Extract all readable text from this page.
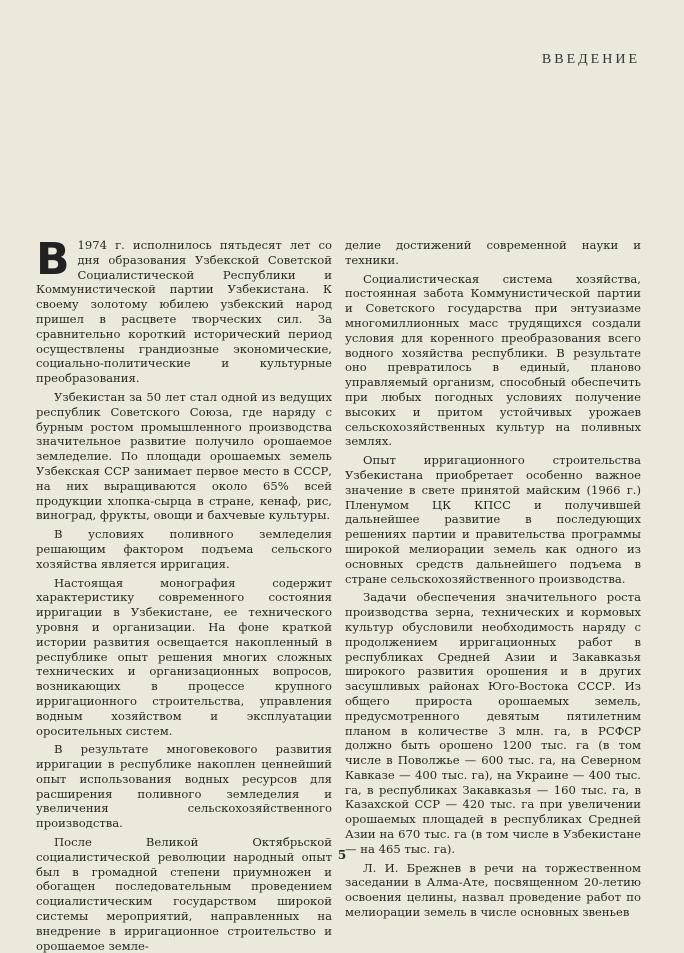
ВВЕДЕНИЕ

В 1974 г. исполнилось пятьдесят лет со дня образования Узбекской Советской Социалистической Республики и Коммунистической партии Узбекистана. К своему золотому юбилею узбекский народ пришел в расцвете творческих сил. За сравнительно короткий исторический период осуществлены грандиозные экономические, социально-политические и культурные преобразования.

Узбекистан за 50 лет стал одной из ведущих республик Советского Союза, где наряду с бурным ростом промышленного производства значительное развитие получило орошаемое земледелие. По площади орошаемых земель Узбекская ССР занимает первое место в СССР, на них выращиваются около 65% всей продукции хлопка-сырца в стране, кенаф, рис, виноград, фрукты, овощи и бахчевые культуры.

В условиях поливного земледелия решающим фактором подъема сельского хозяйства является ирригация.

Настоящая монография содержит характеристику современного состояния ирригации в Узбекистане, ее технического уровня и организации. На фоне краткой истории развития освещается накопленный в республике опыт решения многих сложных технических и организационных вопросов, возникающих в процессе крупного ирригационного строительства, управления водным хозяйством и эксплуатации оросительных систем.

В результате многовекового развития ирригации в республике накоплен ценнейший опыт использования водных ресурсов для расширения поливного земледелия и увеличения сельскохозяйственного производства.

После Великой Октябрьской социалистической революции народный опыт был в громадной степени приумножен и обогащен последовательным проведением социалистическим государством широкой системы мероприятий, направленных на внедрение в ирригационное строительство и орошаемое земле-

делие достижений современной науки и техники.

Социалистическая система хозяйства, постоянная забота Коммунистической партии и Советского государства при энтузиазме многомиллионных масс трудящихся создали условия для коренного преобразования всего водного хозяйства республики. В результате оно превратилось в единый, планово управляемый организм, способный обеспечить при любых погодных условиях получение высоких и притом устойчивых урожаев сельскохозяйственных культур на поливных землях.

Опыт ирригационного строительства Узбекистана приобретает особенно важное значение в свете принятой майским (1966 г.) Пленумом ЦК КПСС и получившей дальнейшее развитие в последующих решениях партии и правительства программы широкой мелиорации земель как одного из основных средств дальнейшего подъема в стране сельскохозяйственного производства.

Задачи обеспечения значительного роста производства зерна, технических и кормовых культур обусловили необходимость наряду с продолжением ирригационных работ в республиках Средней Азии и Закавказья широкого развития орошения и в других засушливых районах Юго-Востока СССР. Из общего прироста орошаемых земель, предусмотренного девятым пятилетним планом в количестве 3 млн. га, в РСФСР должно быть орошено 1200 тыс. га (в том числе в Поволжье — 600 тыс. га, на Северном Кавказе — 400 тыс. га), на Украине — 400 тыс. га, в республиках Закавказья — 160 тыс. га, в Казахской ССР — 420 тыс. га при увеличении орошаемых площадей в республиках Средней Азии на 670 тыс. га (в том числе в Узбекистане — на 465 тыс. га).

Л. И. Брежнев в речи на торжественном заседании в Алма-Ате, посвященном 20-летию освоения целины, назвал проведение работ по мелиорации земель в числе основных звеньев

5
